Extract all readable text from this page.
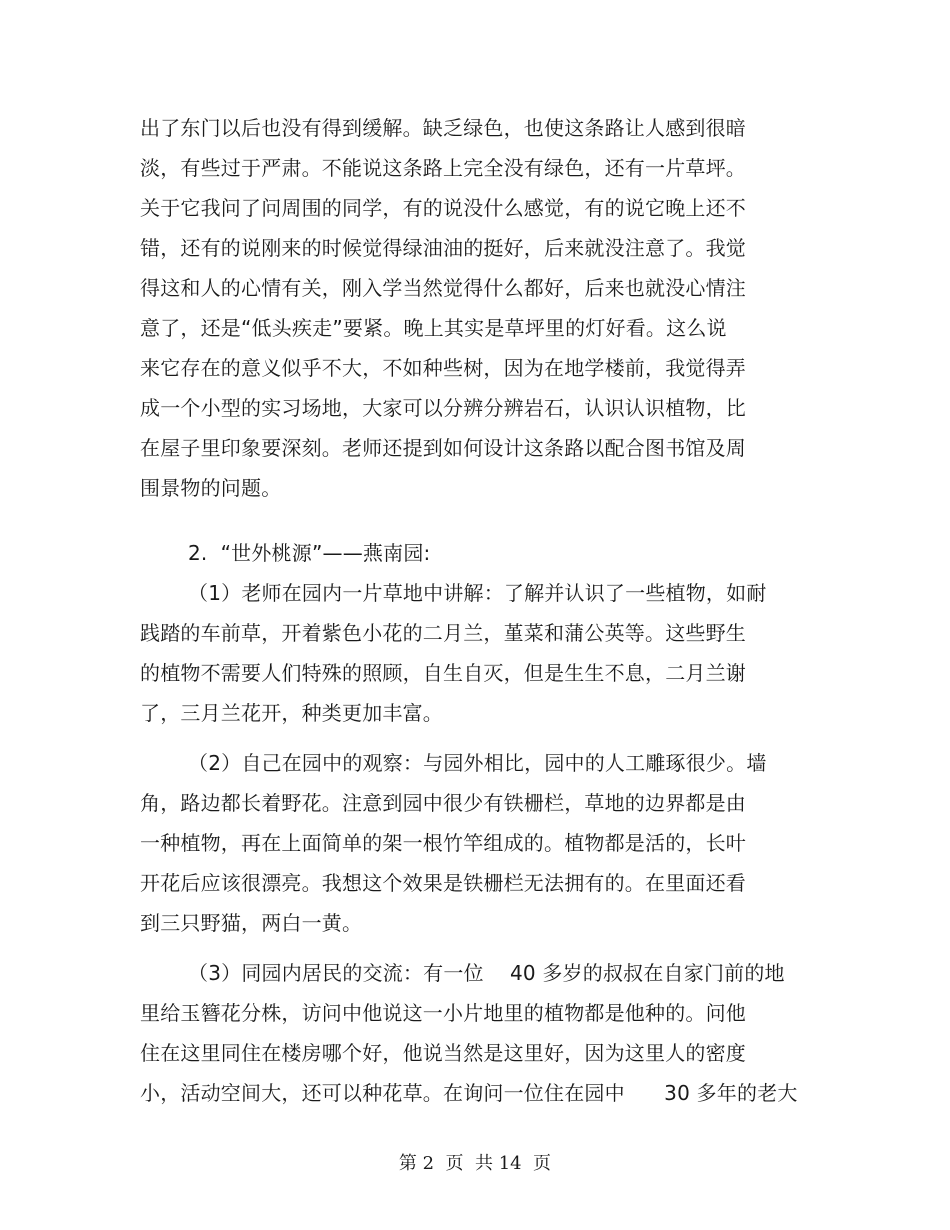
出了东门以后也没有得到缓解。缺乏绿色，也使这条路让人感到很暗
淡，有些过于严肃。不能说这条路上完全没有绿色，还有一片草坪。
关于它我问了问周围的同学，有的说没什么感觉，有的说它晚上还不
错，还有的说刚来的时候觉得绿油油的挺好，后来就没注意了。我觉
得这和人的心情有关，刚入学当然觉得什么都好，后来也就没心情注
意了，还是“低头疾走”要紧。晚上其实是草坪里的灯好看。这么说
来它存在的意义似乎不大，不如种些树，因为在地学楼前，我觉得弄
成一个小型的实习场地，大家可以分辨分辨岩石，认识认识植物，比
在屋子里印象要深刻。老师还提到如何设计这条路以配合图书馆及周
围景物的问题。
2.  “世外桃源”——燕南园:
（1）老师在园内一片草地中讲解：了解并认识了一些植物，如耐
践踏的车前草，开着紫色小花的二月兰，堇菜和蒲公英等。这些野生
的植物不需要人们特殊的照顾，自生自灭，但是生生不息，二月兰谢
了，三月兰花开，种类更加丰富。
（2）自己在园中的观察：与园外相比，园中的人工雕琢很少。墙
角，路边都长着野花。注意到园中很少有铁栅栏，草地的边界都是由
一种植物，再在上面简单的架一根竹竿组成的。植物都是活的，长叶
开花后应该很漂亮。我想这个效果是铁栅栏无法拥有的。在里面还看
到三只野猫，两白一黄。
（3）同园内居民的交流：有一位    40 多岁的叔叔在自家门前的地
里给玉簪花分株，访问中他说这一小片地里的植物都是他种的。问他
住在这里同住在楼房哪个好，他说当然是这里好，因为这里人的密度
小，活动空间大，还可以种花草。在询问一位住在园中      30 多年的老大
第 2  页  共 14  页
